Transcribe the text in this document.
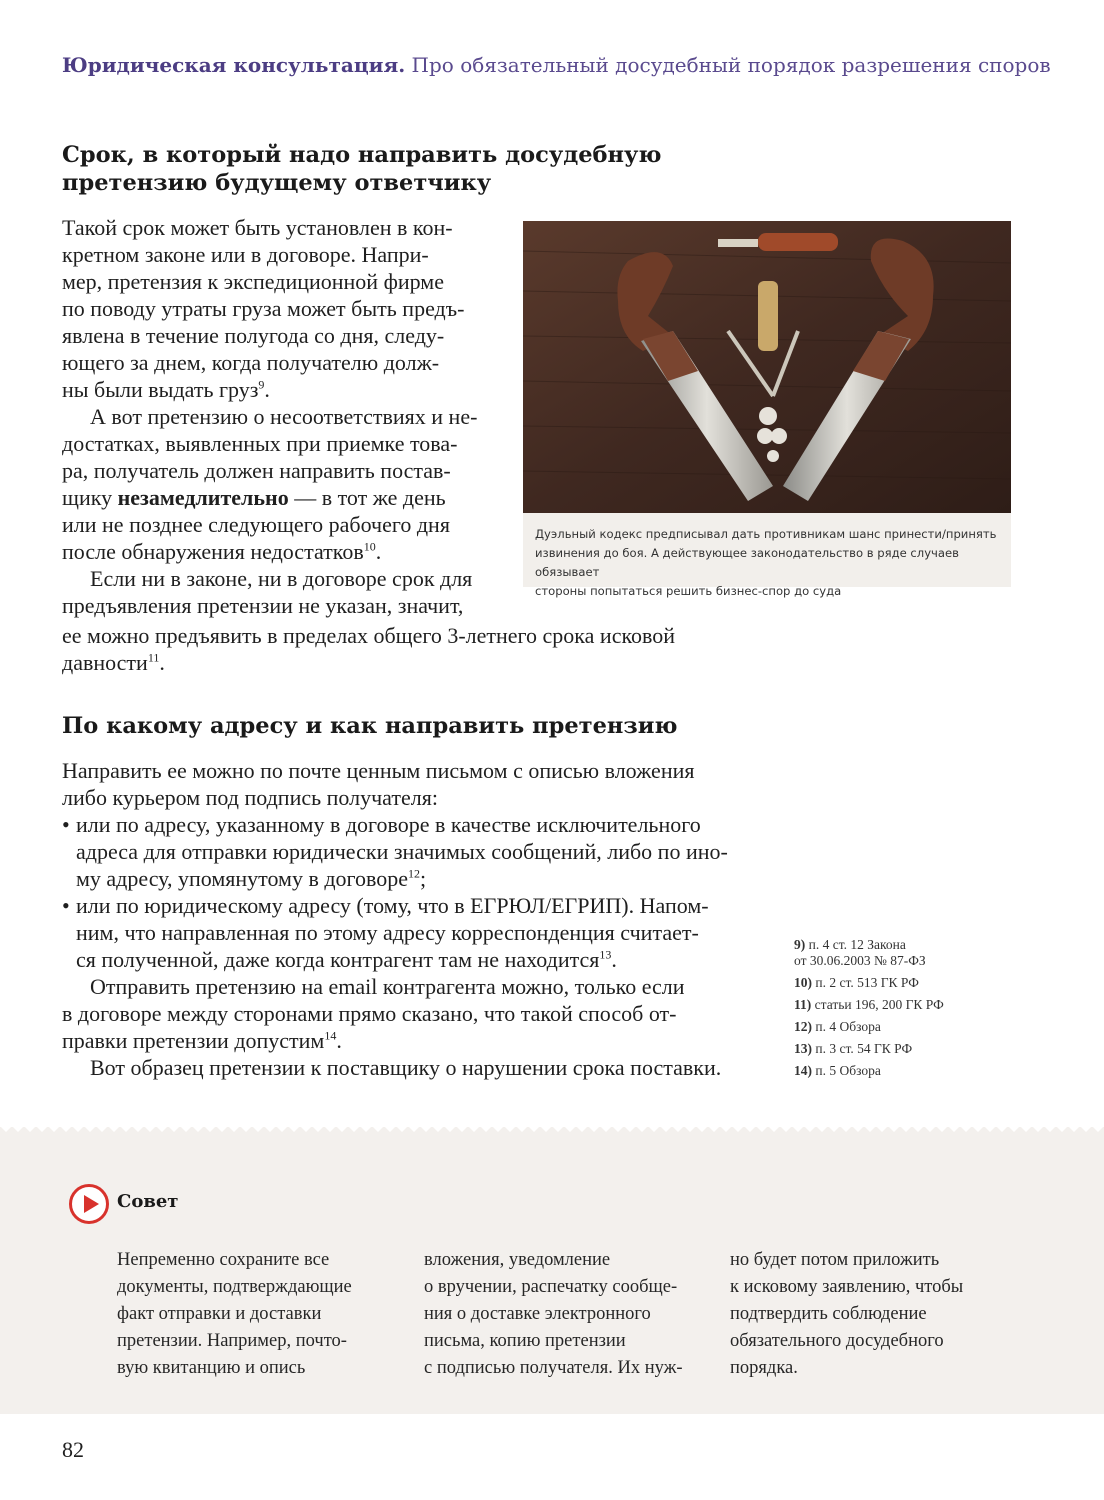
Юридическая консультация. Про обязательный досудебный порядок разрешения споров
Срок, в который надо направить досудебную
претензию будущему ответчику

Такой срок может быть установлен в кон-
кретном законе или в договоре. Напри-
мер, претензия к экспедиционной фирме
по поводу утраты груза может быть предъ-
явлена в течение полугода со дня, следу-
ющего за днем, когда получателю долж-
ны были выдать груз$^9$.

А вот претензию о несоответствиях и не-
достатках, выявленных при приемке това-
ра, получатель должен направить постав-
щику незамедлительно — в тот же день
или не позднее следующего рабочего дня
после обнаружения недостатков$^{10}$.

Если ни в законе, ни в договоре срок для
предъявления претензии не указан, значит,

ее можно предъявить в пределах общего 3-летнего срока исковой
давности$^{11}$.

Дуэльный кодекс предписывал дать противникам шанс принести/принять
извинения до боя. А действующее законодательство в ряде случаев обязывает
стороны попытаться решить бизнес-спор до суда
По какому адресу и как направить претензию

Направить ее можно по почте ценным письмом с описью вложения
либо курьером под подпись получателя:

• или по адресу, указанному в договоре в качестве исключительного
адреса для отправки юридически значимых сообщений, либо по ино-
му адресу, упомянутому в договоре$^{12}$;
• или по юридическому адресу (тому, что в ЕГРЮЛ/ЕГРИП). Напом-
ним, что направленная по этому адресу корреспонденция считает-
ся полученной, даже когда контрагент там не находится$^{13}$.

Отправить претензию на email контрагента можно, только если
в договоре между сторонами прямо сказано, что такой способ от-
правки претензии допустим$^{14}$.

Вот образец претензии к поставщику о нарушении срока поставки.

9) п. 4 ст. 12 Закона
от 30.06.2003 № 87-ФЗ
10) п. 2 ст. 513 ГК РФ
11) статьи 196, 200 ГК РФ
12) п. 4 Обзора
13) п. 3 ст. 54 ГК РФ
14) п. 5 Обзора
Совет
Непременно сохраните все
документы, подтверждающие
факт отправки и доставки
претензии. Например, почто-
вую квитанцию и опись
вложения, уведомление
о вручении, распечатку сообще-
ния о доставке электронного
письма, копию претензии
с подписью получателя. Их нуж-
но будет потом приложить
к исковому заявлению, чтобы
подтвердить соблюдение
обязательного досудебного
порядка.
82
